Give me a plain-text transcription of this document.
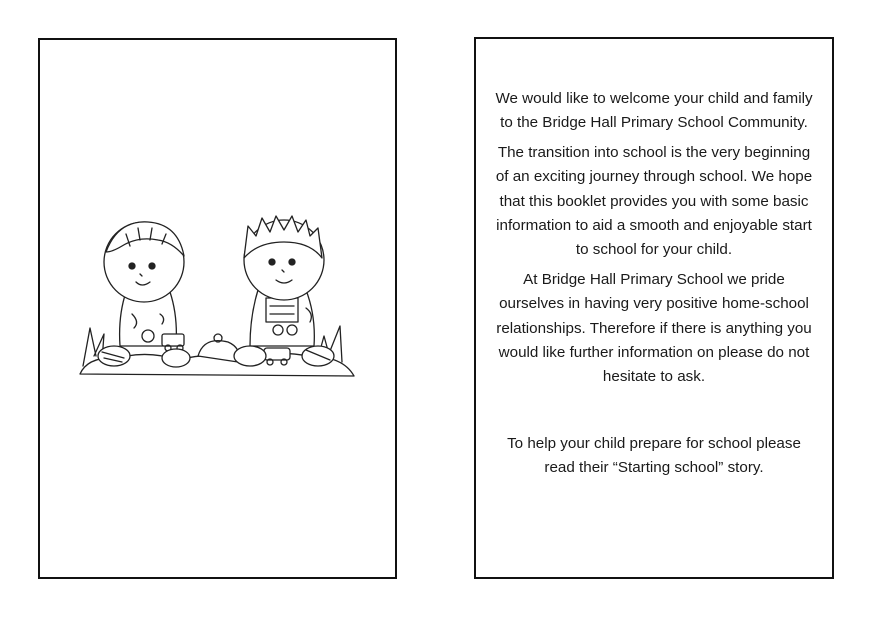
We would like to welcome your child and family to the Bridge Hall Primary School Community.

The transition into school is the very beginning of an exciting journey through school. We hope that this booklet provides you with some basic information to aid a smooth and enjoyable start to school for your child.

At Bridge Hall Primary School we pride ourselves in having very positive home-school relationships. Therefore if there is anything you would like further information on please do not hesitate to ask.

To help your child prepare for school please read their “Starting school” story.
